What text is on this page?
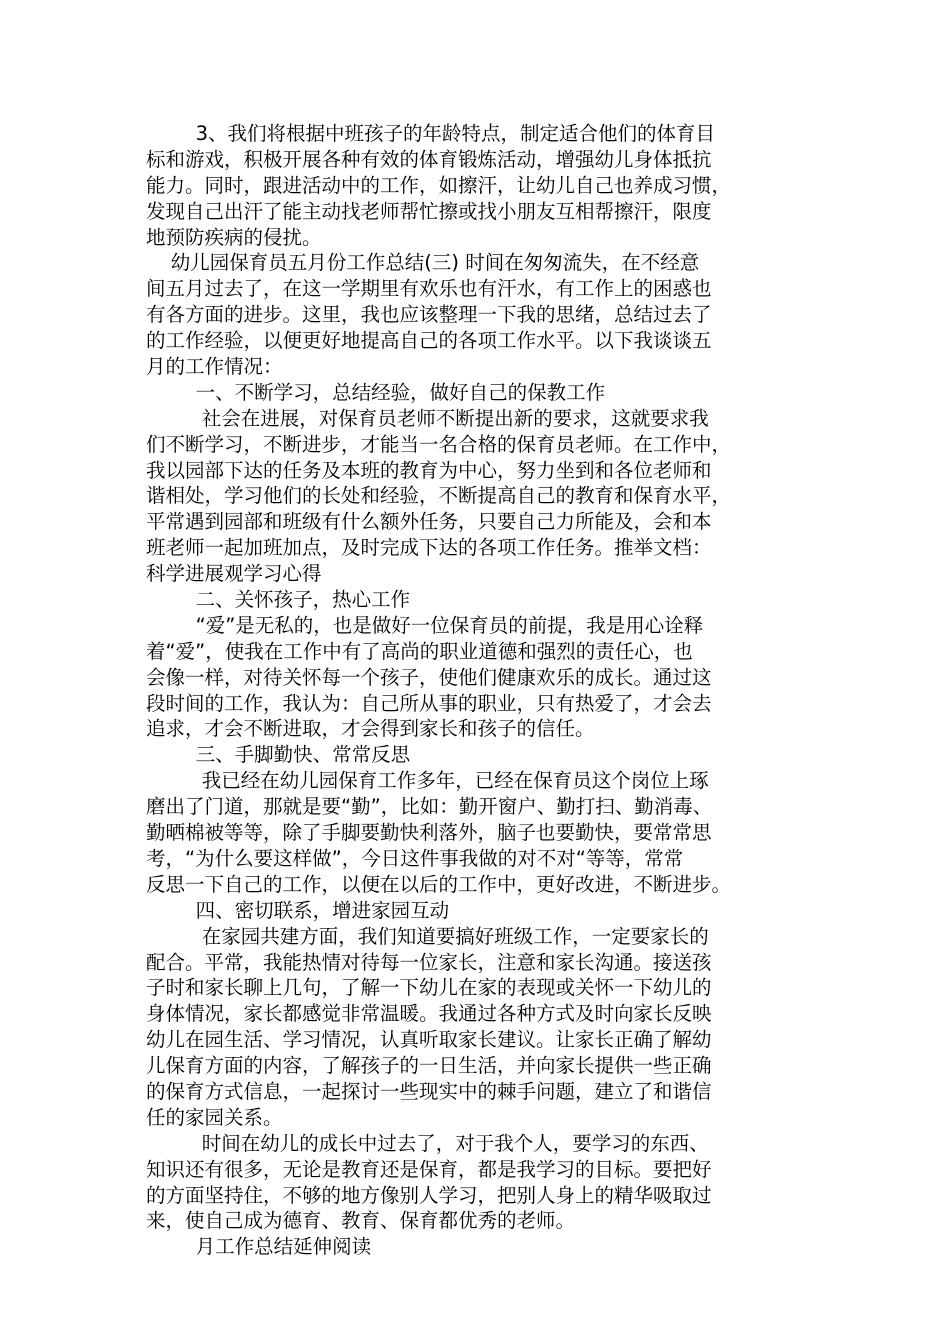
3、我们将根据中班孩子的年龄特点，制定适合他们的体育目
标和游戏，积极开展各种有效的体育锻炼活动，增强幼儿身体抵抗
能力。同时，跟进活动中的工作，如擦汗，让幼儿自己也养成习惯，
发现自己出汗了能主动找老师帮忙擦或找小朋友互相帮擦汗，限度
地预防疾病的侵扰。
幼儿园保育员五月份工作总结(三) 时间在匆匆流失，在不经意
间五月过去了，在这一学期里有欢乐也有汗水，有工作上的困惑也
有各方面的进步。这里，我也应该整理一下我的思绪，总结过去了
的工作经验，以便更好地提高自己的各项工作水平。以下我谈谈五
月的工作情况：
一、不断学习，总结经验，做好自己的保教工作
社会在进展，对保育员老师不断提出新的要求，这就要求我
们不断学习，不断进步，才能当一名合格的保育员老师。在工作中，
我以园部下达的任务及本班的教育为中心，努力坐到和各位老师和
谐相处，学习他们的长处和经验，不断提高自己的教育和保育水平，
平常遇到园部和班级有什么额外任务，只要自己力所能及，会和本
班老师一起加班加点，及时完成下达的各项工作任务。推举文档：
科学进展观学习心得
二、关怀孩子，热心工作
“爱”是无私的，也是做好一位保育员的前提，我是用心诠释
着“爱”，使我在工作中有了高尚的职业道德和强烈的责任心，也
会像一样，对待关怀每一个孩子，使他们健康欢乐的成长。通过这
段时间的工作，我认为：自己所从事的职业，只有热爱了，才会去
追求，才会不断进取，才会得到家长和孩子的信任。
三、手脚勤快、常常反思
我已经在幼儿园保育工作多年，已经在保育员这个岗位上琢
磨出了门道，那就是要“勤”，比如：勤开窗户、勤打扫、勤消毒、
勤晒棉被等等，除了手脚要勤快利落外，脑子也要勤快，要常常思
考，“为什么要这样做”，今日这件事我做的对不对“等等，常常
反思一下自己的工作，以便在以后的工作中，更好改进，不断进步。
四、密切联系，增进家园互动
在家园共建方面，我们知道要搞好班级工作，一定要家长的
配合。平常，我能热情对待每一位家长，注意和家长沟通。接送孩
子时和家长聊上几句，了解一下幼儿在家的表现或关怀一下幼儿的
身体情况，家长都感觉非常温暖。我通过各种方式及时向家长反映
幼儿在园生活、学习情况，认真听取家长建议。让家长正确了解幼
儿保育方面的内容，了解孩子的一日生活，并向家长提供一些正确
的保育方式信息，一起探讨一些现实中的棘手问题，建立了和谐信
任的家园关系。
时间在幼儿的成长中过去了，对于我个人，要学习的东西、
知识还有很多，无论是教育还是保育，都是我学习的目标。要把好
的方面坚持住，不够的地方像别人学习，把别人身上的精华吸取过
来，使自己成为德育、教育、保育都优秀的老师。
月工作总结延伸阅读
